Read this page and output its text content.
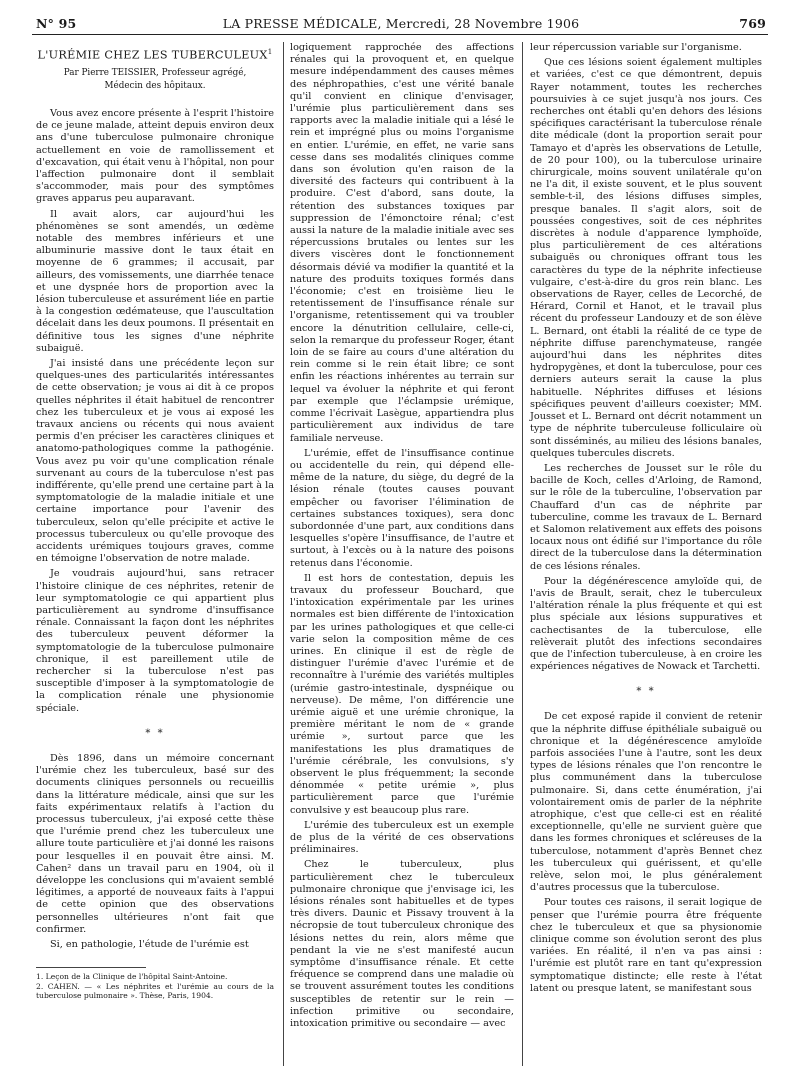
N° 95	LA PRESSE MÉDICALE, Mercredi, 28 Novembre 1906	769
L'URÉMIE CHEZ LES TUBERCULEUX$^1$
Par Pierre TEISSIER, Professeur agrégé,
Médecin des hôpitaux.

Vous avez encore présente à l'esprit l'histoire de ce jeune malade, atteint depuis environ deux ans d'une tuberculose pulmonaire chronique actuellement en voie de ramollissement et d'excavation, qui était venu à l'hôpital, non pour l'affection pulmonaire dont il semblait s'accommoder, mais pour des symptômes graves apparus peu auparavant.

Il avait alors, car aujourd'hui les phénomènes se sont amendés, un œdème notable des membres inférieurs et une albuminurie massive dont le taux était en moyenne de 6 grammes; il accusait, par ailleurs, des vomissements, une diarrhée tenace et une dyspnée hors de proportion avec la lésion tuberculeuse et assurément liée en partie à la congestion œdémateuse, que l'auscultation décelait dans les deux poumons. Il présentait en définitive tous les signes d'une néphrite subaiguë.

J'ai insisté dans une précédente leçon sur quelques-unes des particularités intéressantes de cette observation; je vous ai dit à ce propos quelles néphrites il était habituel de rencontrer chez les tuberculeux et je vous ai exposé les travaux anciens ou récents qui nous avaient permis d'en préciser les caractères cliniques et anatomo-pathologiques comme la pathogénie. Vous avez pu voir qu'une complication rénale survenant au cours de la tuberculose n'est pas indifférente, qu'elle prend une certaine part à la symptomatologie de la maladie initiale et une certaine importance pour l'avenir des tuberculeux, selon qu'elle précipite et active le processus tuberculeux ou qu'elle provoque des accidents urémiques toujours graves, comme en témoigne l'observation de notre malade.

Je voudrais aujourd'hui, sans retracer l'histoire clinique de ces néphrites, retenir de leur symptomatologie ce qui appartient plus particulièrement au syndrome d'insuffisance rénale. Connaissant la façon dont les néphrites des tuberculeux peuvent déformer la symptomatologie de la tuberculose pulmonaire chronique, il est pareillement utile de rechercher si la tuberculose n'est pas susceptible d'imposer à la symptomatologie de la complication rénale une physionomie spéciale.

* *

Dès 1896, dans un mémoire concernant l'urémie chez les tuberculeux, basé sur des documents cliniques personnels ou recueillis dans la littérature médicale, ainsi que sur les faits expérimentaux relatifs à l'action du processus tuberculeux, j'ai exposé cette thèse que l'urémie prend chez les tuberculeux une allure toute particulière et j'ai donné les raisons pour lesquelles il en pouvait être ainsi. M. Cahen² dans un travail paru en 1904, où il développe les conclusions qui m'avaient semblé légitimes, a apporté de nouveaux faits à l'appui de cette opinion que des observations personnelles ultérieures n'ont fait que confirmer.

Si, en pathologie, l'étude de l'urémie est

1. Leçon de la Clinique de l'hôpital Saint-Antoine.

2. CAHEN. — « Les néphrites et l'urémie au cours de la tuberculose pulmonaire ». Thèse, Paris, 1904.

logiquement rapprochée des affections rénales qui la provoquent et, en quelque mesure indépendamment des causes mêmes des néphropathies, c'est une vérité banale qu'il convient en clinique d'envisager, l'urémie plus particulièrement dans ses rapports avec la maladie initiale qui a lésé le rein et imprégné plus ou moins l'organisme en entier. L'urémie, en effet, ne varie sans cesse dans ses modalités cliniques comme dans son évolution qu'en raison de la diversité des facteurs qui contribuent à la produire. C'est d'abord, sans doute, la rétention des substances toxiques par suppression de l'émonctoire rénal; c'est aussi la nature de la maladie initiale avec ses répercussions brutales ou lentes sur les divers viscères dont le fonctionnement désormais dévié va modifier la quantité et la nature des produits toxiques formés dans l'économie; c'est en troisième lieu le retentissement de l'insuffisance rénale sur l'organisme, retentissement qui va troubler encore la dénutrition cellulaire, celle-ci, selon la remarque du professeur Roger, étant loin de se faire au cours d'une altération du rein comme si le rein était libre; ce sont enfin les réactions inhérentes au terrain sur lequel va évoluer la néphrite et qui feront par exemple que l'éclampsie urémique, comme l'écrivait Lasègue, appartiendra plus particulièrement aux individus de tare familiale nerveuse.

L'urémie, effet de l'insuffisance continue ou accidentelle du rein, qui dépend elle-même de la nature, du siège, du degré de la lésion rénale (toutes causes pouvant empêcher ou favoriser l'élimination de certaines substances toxiques), sera donc subordonnée d'une part, aux conditions dans lesquelles s'opère l'insuffisance, de l'autre et surtout, à l'excès ou à la nature des poisons retenus dans l'économie.

Il est hors de contestation, depuis les travaux du professeur Bouchard, que l'intoxication expérimentale par les urines normales est bien différente de l'intoxication par les urines pathologiques et que celle-ci varie selon la composition même de ces urines. En clinique il est de règle de distinguer l'urémie d'avec l'urémie et de reconnaître à l'urémie des variétés multiples (urémie gastro-intestinale, dyspnéique ou nerveuse). De même, l'on différencie une urémie aiguë et une urémie chronique, la première méritant le nom de « grande urémie », surtout parce que les manifestations les plus dramatiques de l'urémie cérébrale, les convulsions, s'y observent le plus fréquemment; la seconde dénommée « petite urémie », plus particulièrement parce que l'urémie convulsive y est beaucoup plus rare.

L'urémie des tuberculeux est un exemple de plus de la vérité de ces observations préliminaires.

Chez le tuberculeux, plus particulièrement chez le tuberculeux pulmonaire chronique que j'envisage ici, les lésions rénales sont habituelles et de types très divers. Daunic et Pissavy trouvent à la nécropsie de tout tuberculeux chronique des lésions nettes du rein, alors même que pendant la vie ne s'est manifesté aucun symptôme d'insuffisance rénale. Et cette fréquence se comprend dans une maladie où se trouvent assurément toutes les conditions susceptibles de retentir sur le rein — infection primitive ou secondaire, intoxication primitive ou secondaire — avec

leur répercussion variable sur l'organisme.

Que ces lésions soient également multiples et variées, c'est ce que démontrent, depuis Rayer notamment, toutes les recherches poursuivies à ce sujet jusqu'à nos jours. Ces recherches ont établi qu'en dehors des lésions spécifiques caractérisant la tuberculose rénale dite médicale (dont la proportion serait pour Tamayo et d'après les observations de Letulle, de 20 pour 100), ou la tuberculose urinaire chirurgicale, moins souvent unilatérale qu'on ne l'a dit, il existe souvent, et le plus souvent semble-t-il, des lésions diffuses simples, presque banales. Il s'agit alors, soit de poussées congestives, soit de ces néphrites discrètes à nodule d'apparence lymphoïde, plus particulièrement de ces altérations subaiguës ou chroniques offrant tous les caractères du type de la néphrite infectieuse vulgaire, c'est-à-dire du gros rein blanc. Les observations de Rayer, celles de Lecorché, de Hérard, Cornil et Hanot, et le travail plus récent du professeur Landouzy et de son élève L. Bernard, ont établi la réalité de ce type de néphrite diffuse parenchymateuse, rangée aujourd'hui dans les néphrites dites hydropygènes, et dont la tuberculose, pour ces derniers auteurs serait la cause la plus habituelle. Néphrites diffuses et lésions spécifiques peuvent d'ailleurs coexister; MM. Jousset et L. Bernard ont décrit notamment un type de néphrite tuberculeuse folliculaire où sont disséminés, au milieu des lésions banales, quelques tubercules discrets.

Les recherches de Jousset sur le rôle du bacille de Koch, celles d'Arloing, de Ramond, sur le rôle de la tuberculine, l'observation par Chauffard d'un cas de néphrite par tuberculine, comme les travaux de L. Bernard et Salomon relativement aux effets des poisons locaux nous ont édifié sur l'importance du rôle direct de la tuberculose dans la détermination de ces lésions rénales.

Pour la dégénérescence amyloïde qui, de l'avis de Brault, serait, chez le tuberculeux l'altération rénale la plus fréquente et qui est plus spéciale aux lésions suppuratives et cachectisantes de la tuberculose, elle relèverait plutôt des infections secondaires que de l'infection tuberculeuse, à en croire les expériences négatives de Nowack et Tarchetti.

* *

De cet exposé rapide il convient de retenir que la néphrite diffuse épithéliale subaiguë ou chronique et la dégénérescence amyloïde parfois associées l'une à l'autre, sont les deux types de lésions rénales que l'on rencontre le plus communément dans la tuberculose pulmonaire. Si, dans cette énumération, j'ai volontairement omis de parler de la néphrite atrophique, c'est que celle-ci est en réalité exceptionnelle, qu'elle ne survient guère que dans les formes chroniques et scléreuses de la tuberculose, notamment d'après Bennet chez les tuberculeux qui guérissent, et qu'elle relève, selon moi, le plus généralement d'autres processus que la tuberculose.

Pour toutes ces raisons, il serait logique de penser que l'urémie pourra être fréquente chez le tuberculeux et que sa physionomie clinique comme son évolution seront des plus variées. En réalité, il n'en va pas ainsi : l'urémie est plutôt rare en tant qu'expression symptomatique distincte; elle reste à l'état latent ou presque latent, se manifestant sous
